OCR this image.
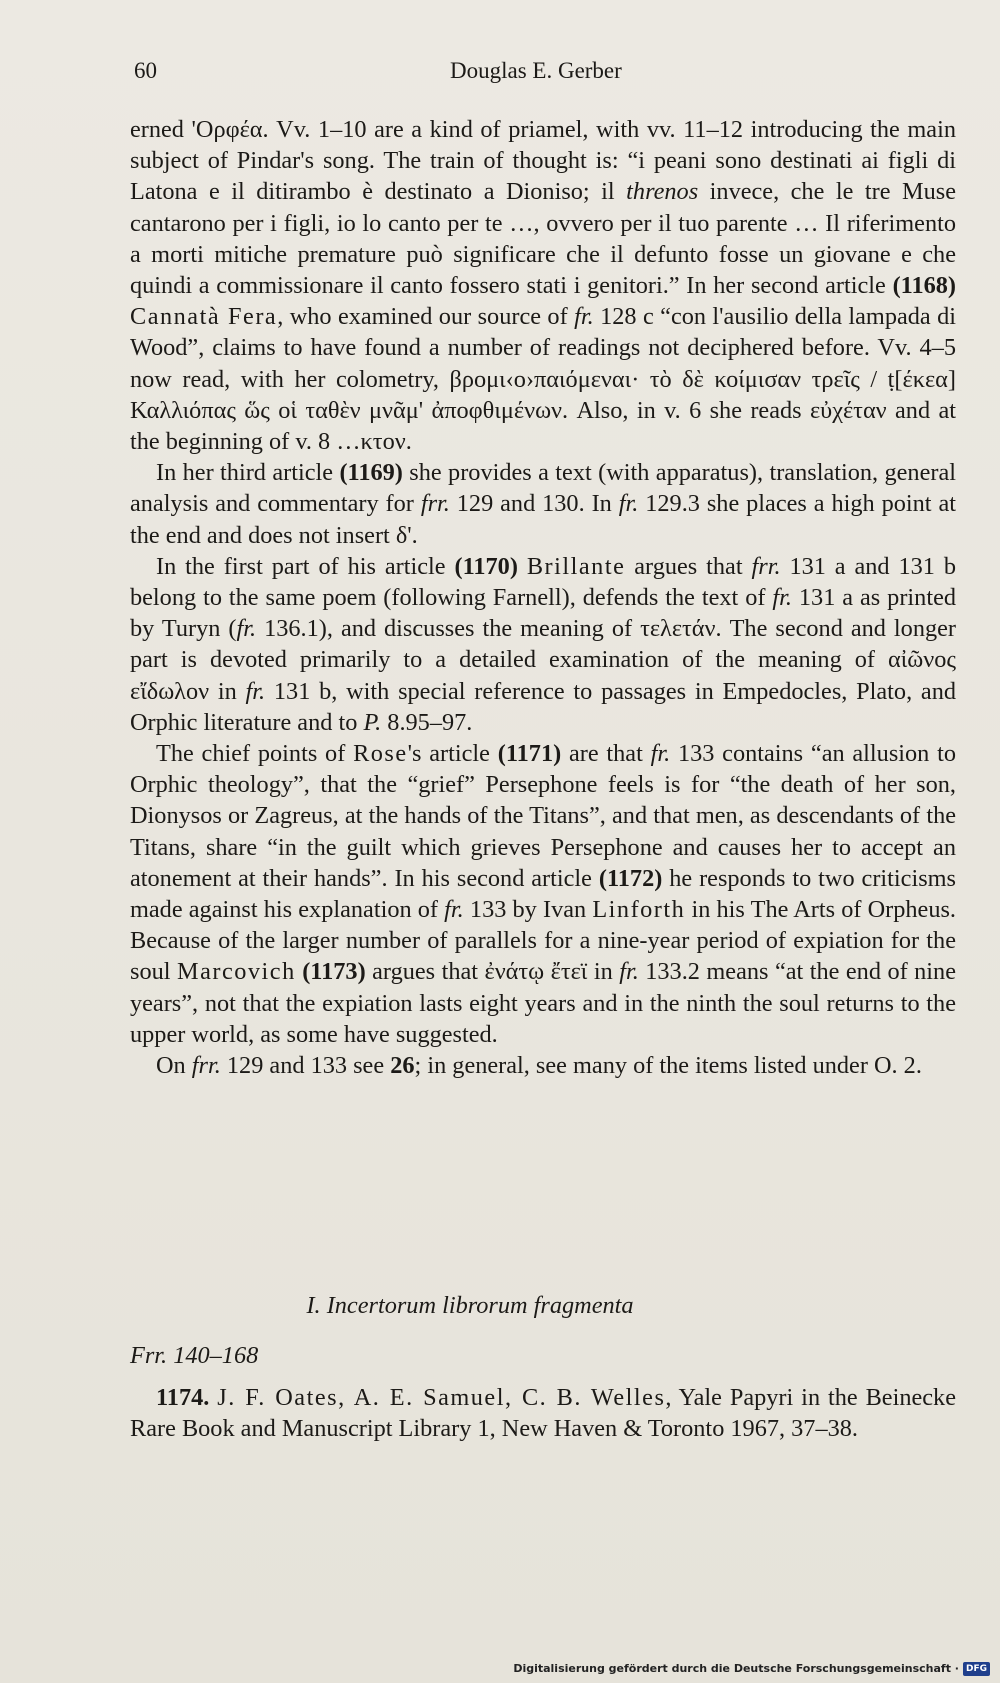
60	Douglas E. Gerber

erned 'Ορφέα. Vv. 1–10 are a kind of priamel, with vv. 11–12 introducing the main subject of Pindar's song. The train of thought is: “i peani sono destinati ai figli di Latona e il ditirambo è destinato a Dioniso; il threnos invece, che le tre Muse cantarono per i figli, io lo canto per te …, ovvero per il tuo parente … Il riferimento a morti mitiche premature può significare che il defunto fosse un giovane e che quindi a commissionare il canto fossero stati i genitori.” In her second article (1168) Cannatà Fera, who examined our source of fr. 128 c “con l'ausilio della lampada di Wood”, claims to have found a number of readings not deciphered before. Vv. 4–5 now read, with her colometry, βρομι‹ο›παιόμεναι· τὸ δὲ κοίμισαν τρεῖς / ṭ[έκεα] Καλλιόπας ὥς οἱ ταθὲν μνᾶμ' ἀποφθιμένων. Also, in v. 6 she reads εὐχέταν and at the beginning of v. 8 …κτον.

In her third article (1169) she provides a text (with apparatus), translation, general analysis and commentary for frr. 129 and 130. In fr. 129.3 she places a high point at the end and does not insert δ'.

In the first part of his article (1170) Brillante argues that frr. 131 a and 131 b belong to the same poem (following Farnell), defends the text of fr. 131 a as printed by Turyn (fr. 136.1), and discusses the meaning of τελετάν. The second and longer part is devoted primarily to a detailed examination of the meaning of αἰῶνος εἴδωλον in fr. 131 b, with special reference to passages in Empedocles, Plato, and Orphic literature and to P. 8.95–97.

The chief points of Rose's article (1171) are that fr. 133 contains “an allusion to Orphic theology”, that the “grief” Persephone feels is for “the death of her son, Dionysos or Zagreus, at the hands of the Titans”, and that men, as descendants of the Titans, share “in the guilt which grieves Persephone and causes her to accept an atonement at their hands”. In his second article (1172) he responds to two criticisms made against his explanation of fr. 133 by Ivan Linforth in his The Arts of Orpheus. Because of the larger number of parallels for a nine-year period of expiation for the soul Marcovich (1173) argues that ἐνάτῳ ἔτεϊ in fr. 133.2 means “at the end of nine years”, not that the expiation lasts eight years and in the ninth the soul returns to the upper world, as some have suggested.

On frr. 129 and 133 see 26; in general, see many of the items listed under O. 2.

I. Incertorum librorum fragmenta
Frr. 140–168

1174. J. F. Oates, A. E. Samuel, C. B. Welles, Yale Papyri in the Beinecke Rare Book and Manuscript Library 1, New Haven & Toronto 1967, 37–38.

Digitalisierung gefördert durch die Deutsche Forschungsgemeinschaft · DFG
